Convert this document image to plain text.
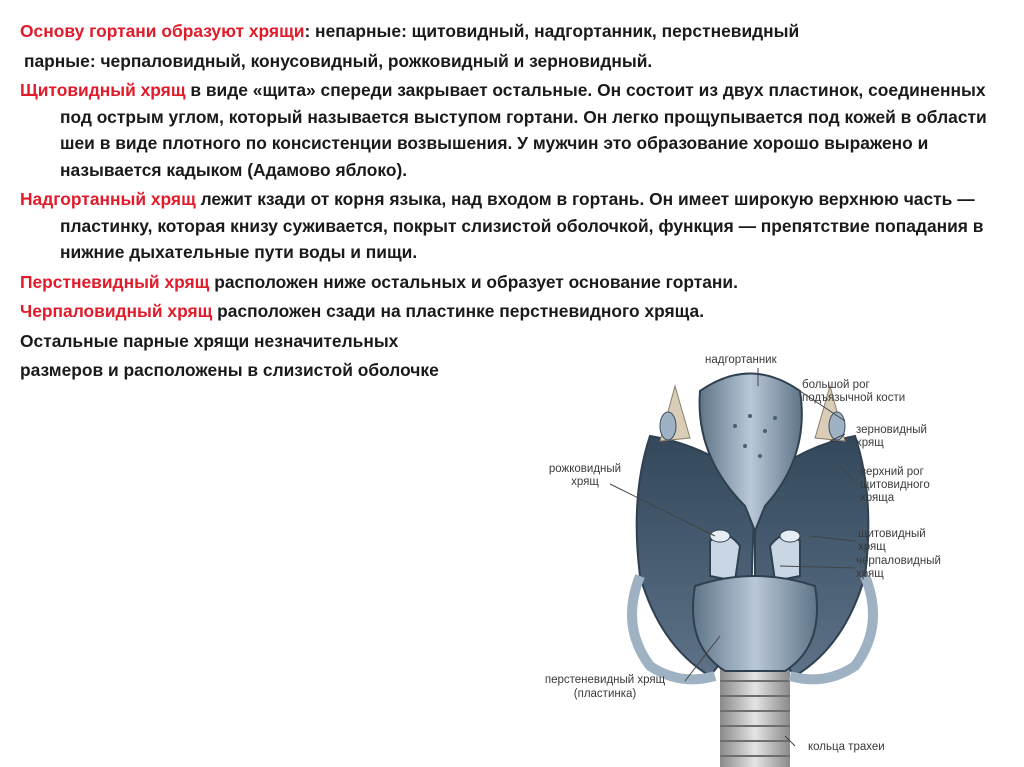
Основу гортани образуют хрящи: непарные: щитовидный, надгортанник, перстневидный

парные: черпаловидный, конусовидный, рожковидный и зерновидный.

Щитовидный хрящ в виде «щита» спереди закрывает остальные. Он состоит из двух пластинок, соединенных под острым углом, который называется выступом гортани. Он легко прощупывается под кожей в области шеи в виде плотного по консистенции возвышения. У мужчин это образование хорошо выражено и называется кадыком (Адамово яблоко).

Надгортанный хрящ лежит кзади от корня языка, над входом в гортань. Он имеет широкую верхнюю часть — пластинку, которая книзу суживается, покрыт слизистой оболочкой, функция — препятствие попадания в нижние дыхательные пути воды и пищи.

Перстневидный хрящ расположен ниже остальных и образует основание гортани.

Черпаловидный хрящ расположен сзади на пластинке перстневидного хряща.

Остальные парные хрящи незначительных

размеров и расположены в слизистой оболочке	надгортанник
большой рог
подъязычной кости
зерновидный
хрящ
рожковидный
хрящ
верхний рог
щитовидного
хряща
щитовидный
хрящ
черпаловидный
хрящ
перстеневидный хрящ
(пластинка)
кольца трахеи
